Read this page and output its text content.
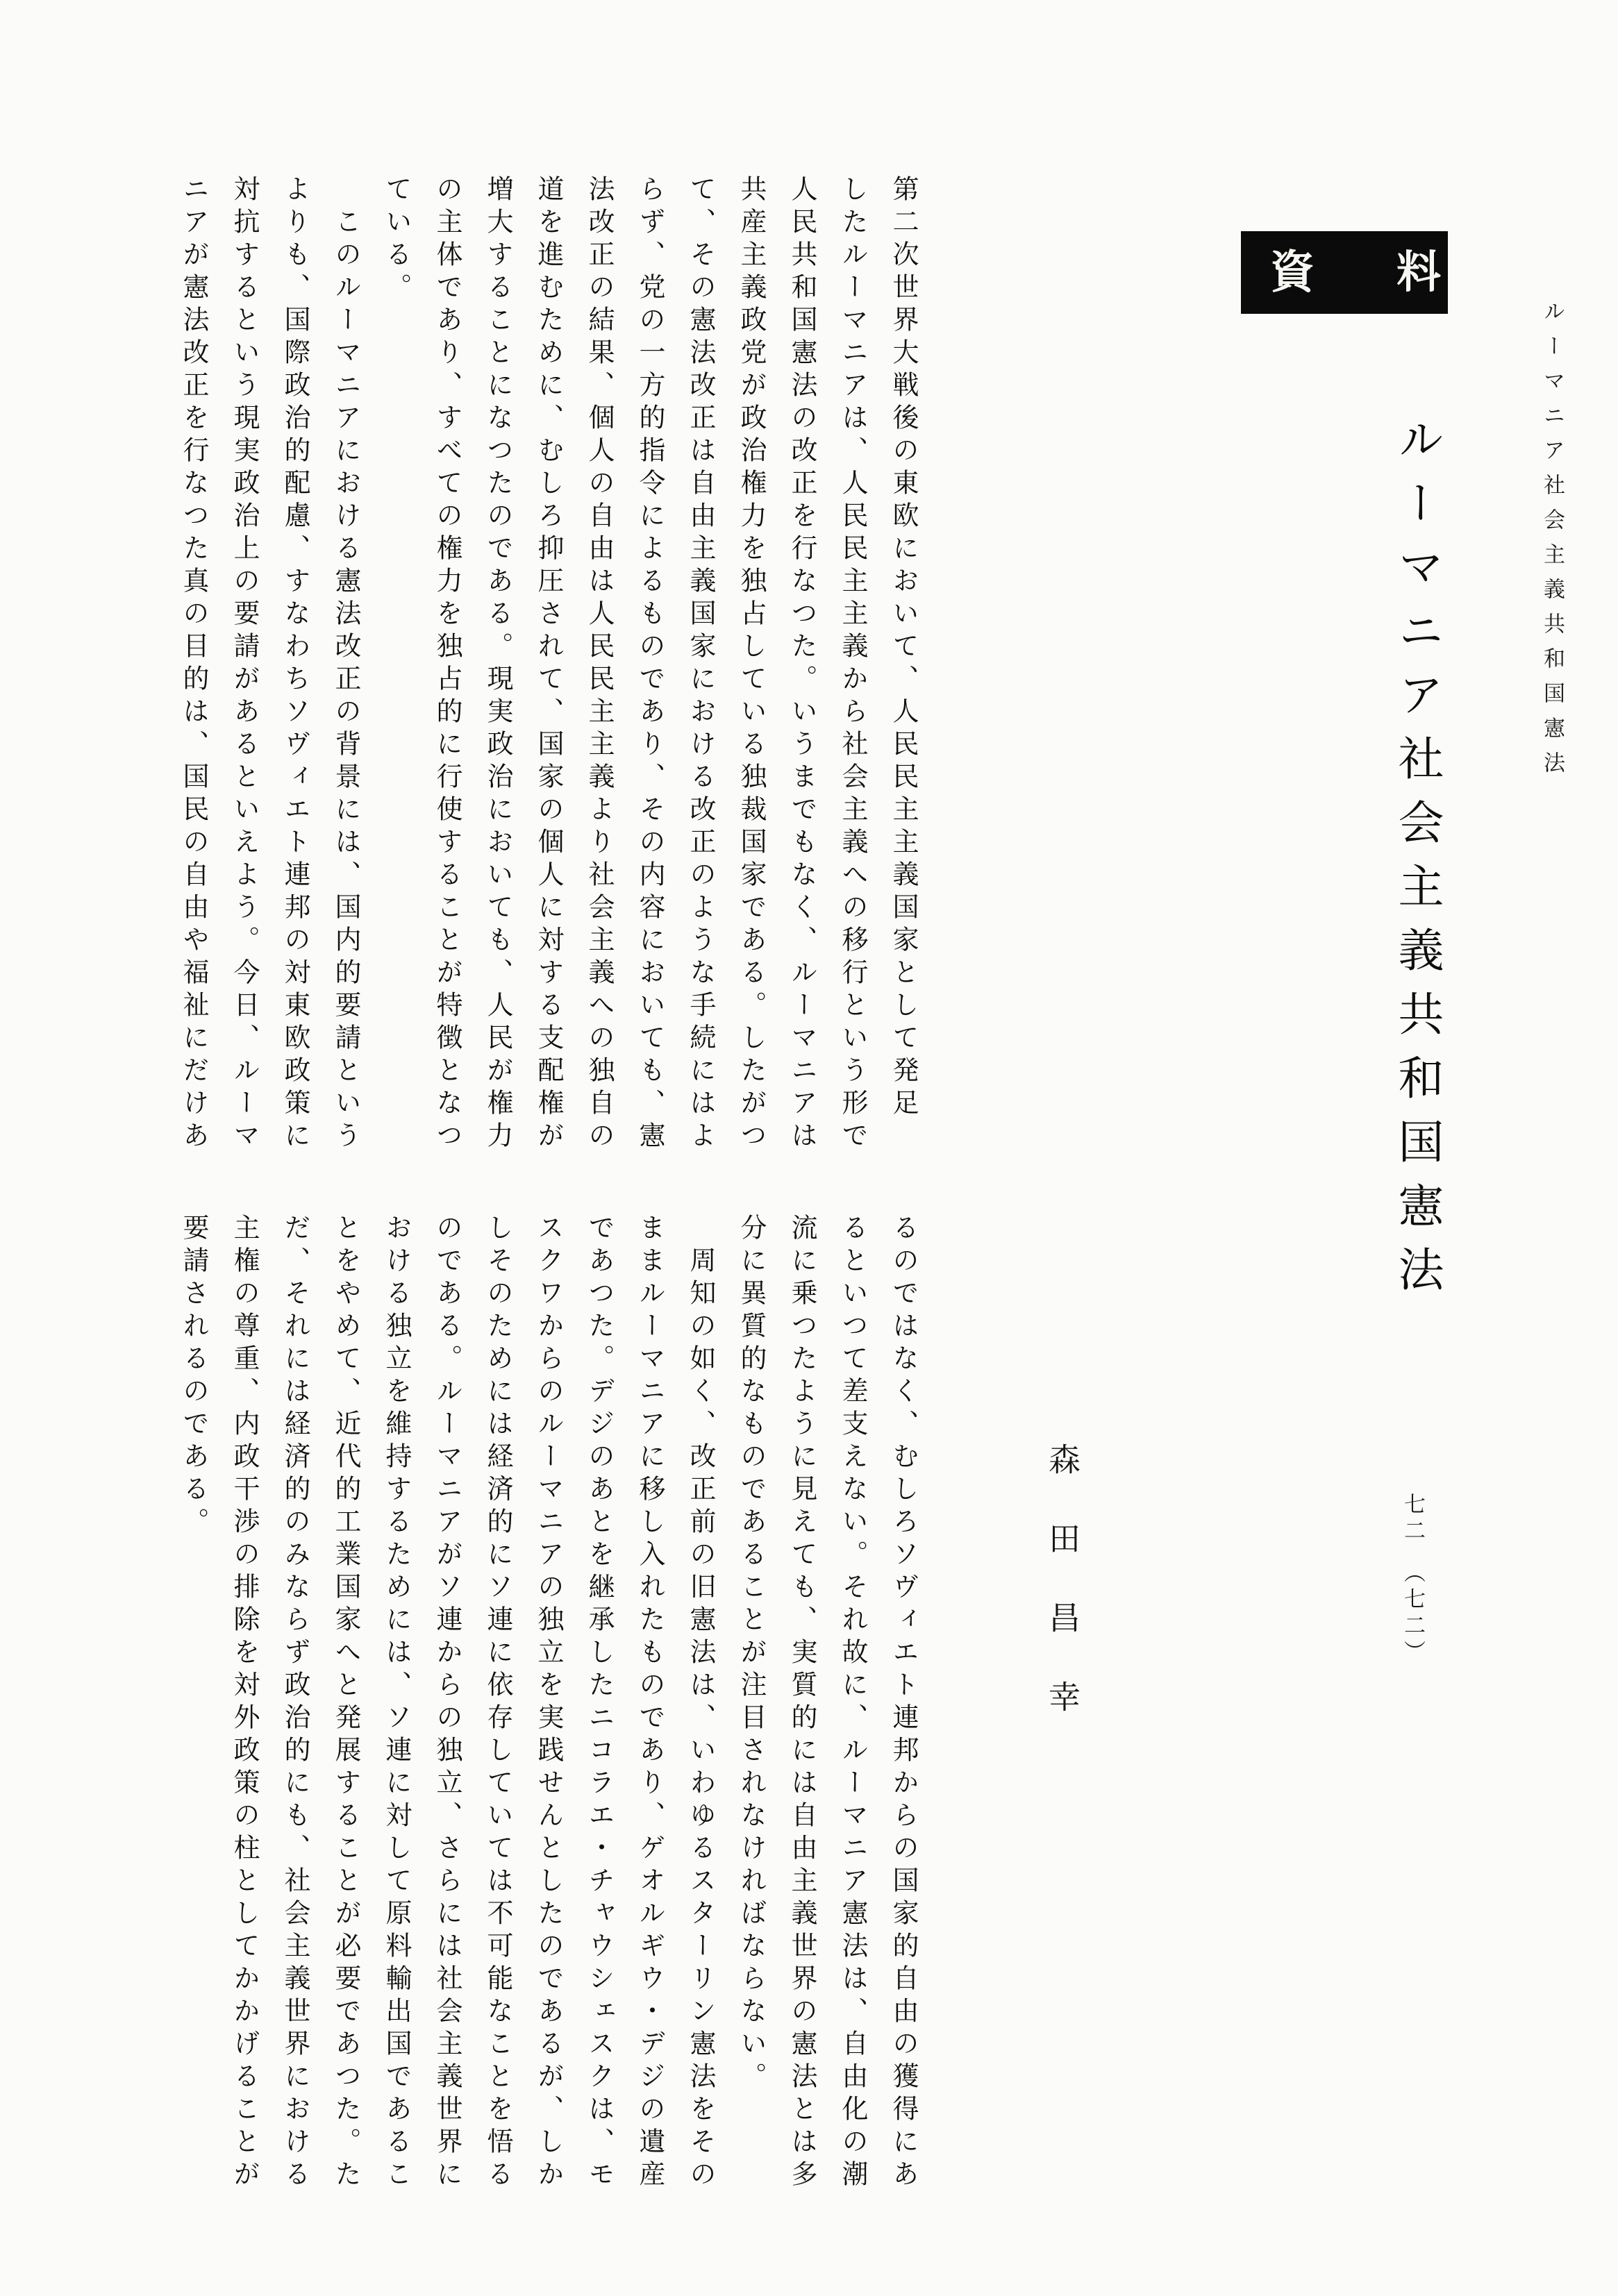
ルーマニア社会主義共和国憲法
資料
ルーマニア社会主義共和国憲法
森田昌幸	七二　（七二）
第二次世界大戦後の東欧において、人民民主主義国家として発足
したルーマニアは、人民民主主義から社会主義への移行という形で
人民共和国憲法の改正を行なつた。いうまでもなく、ルーマニアは
共産主義政党が政治権力を独占している独裁国家である。したがつ
て、その憲法改正は自由主義国家における改正のような手続にはよ
らず、党の一方的指令によるものであり、その内容においても、憲
法改正の結果、個人の自由は人民民主主義より社会主義への独自の
道を進むために、むしろ抑圧されて、国家の個人に対する支配権が
増大することになつたのである。現実政治においても、人民が権力
の主体であり、すべての権力を独占的に行使することが特徴となつ
ている。
　このルーマニアにおける憲法改正の背景には、国内的要請という
よりも、国際政治的配慮、すなわちソヴィエト連邦の対東欧政策に
対抗するという現実政治上の要請があるといえよう。今日、ルーマ
ニアが憲法改正を行なつた真の目的は、国民の自由や福祉にだけあ
るのではなく、むしろソヴィエト連邦からの国家的自由の獲得にあ
るといつて差支えない。それ故に、ルーマニア憲法は、自由化の潮
流に乗つたように見えても、実質的には自由主義世界の憲法とは多
分に異質的なものであることが注目されなければならない。
　周知の如く、改正前の旧憲法は、いわゆるスターリン憲法をその
ままルーマニアに移し入れたものであり、ゲオルギウ・デジの遺産
であつた。デジのあとを継承したニコラエ・チャウシェスクは、モ
スクワからのルーマニアの独立を実践せんとしたのであるが、しか
しそのためには経済的にソ連に依存していては不可能なことを悟る
のである。ルーマニアがソ連からの独立、さらには社会主義世界に
おける独立を維持するためには、ソ連に対して原料輸出国であるこ
とをやめて、近代的工業国家へと発展することが必要であつた。た
だ、それには経済的のみならず政治的にも、社会主義世界における
主権の尊重、内政干渉の排除を対外政策の柱としてかかげることが
要請されるのである。
